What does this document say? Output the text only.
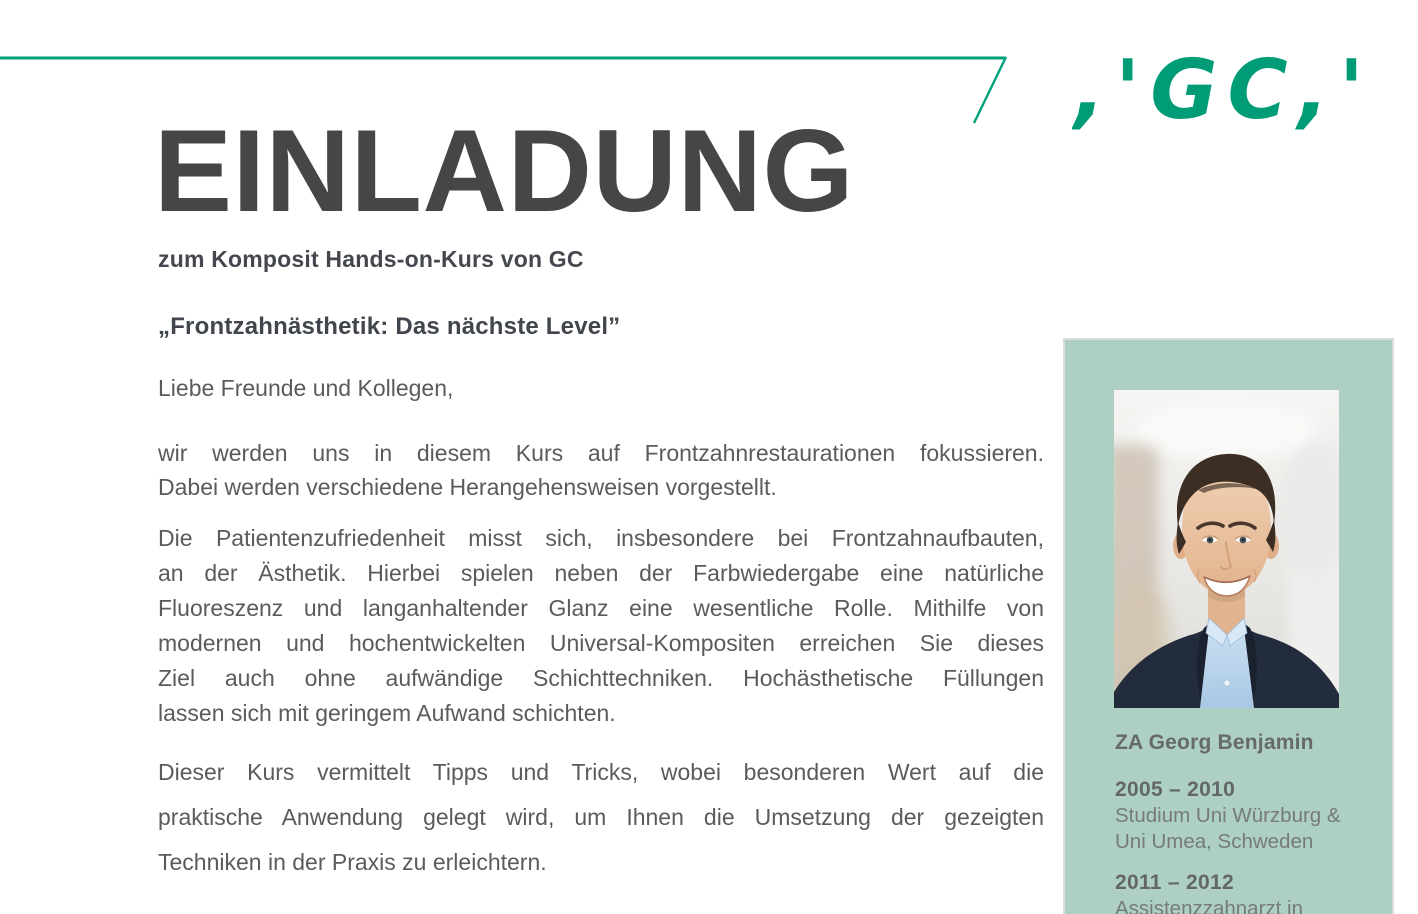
,'GC,'
EINLADUNG
zum Komposit Hands-on-Kurs von GC
„Frontzahnästhetik: Das nächste Level”
Liebe Freunde und Kollegen,
wir werden uns in diesem Kurs auf Frontzahnrestaurationen fokussieren.
Dabei werden verschiedene Herangehensweisen vorgestellt.
Die Patientenzufriedenheit misst sich, insbesondere bei Frontzahnaufbauten,
an der Ästhetik. Hierbei spielen neben der Farbwiedergabe eine natürliche
Fluoreszenz und langanhaltender Glanz eine wesentliche Rolle. Mithilfe von
modernen und hochentwickelten Universal-Kompositen erreichen Sie dieses
Ziel auch ohne aufwändige Schichttechniken. Hochästhetische Füllungen
lassen sich mit geringem Aufwand schichten.
Dieser Kurs vermittelt Tipps und Tricks, wobei besonderen Wert auf die
praktische Anwendung gelegt wird, um Ihnen die Umsetzung der gezeigten
Techniken in der Praxis zu erleichtern.
ZA Georg Benjamin
2005 – 2010
Studium Uni Würzburg &
Uni Umea, Schweden
2011 – 2012
Assistenzzahnarzt in
